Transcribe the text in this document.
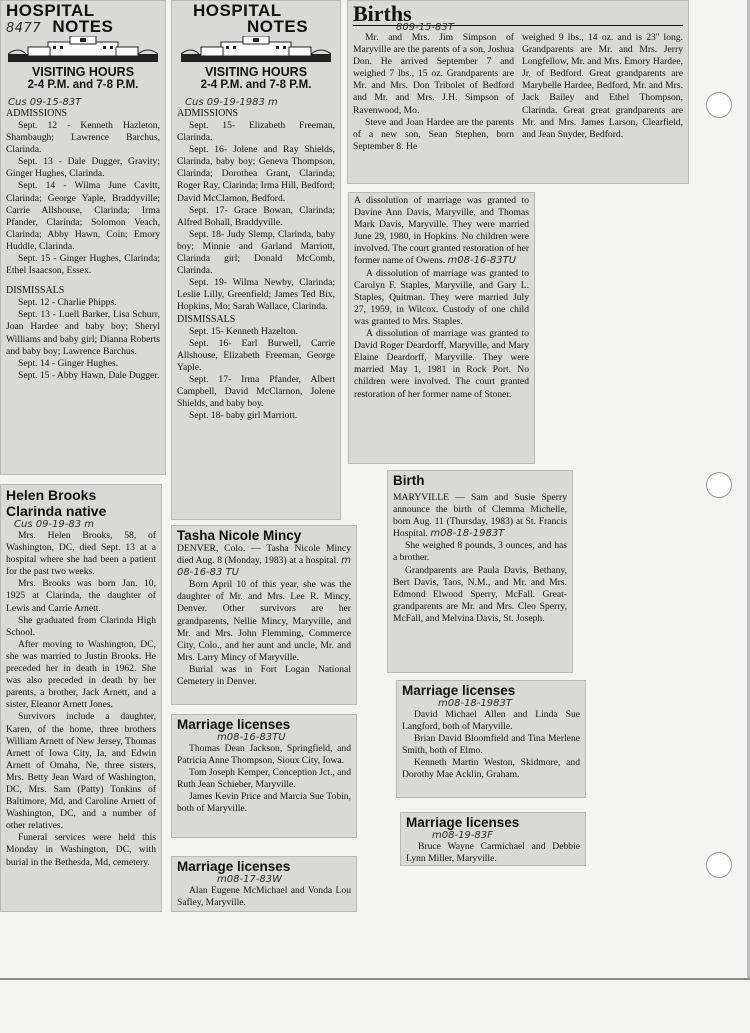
HOSPITAL
8477 NOTES
VISITING HOURS
2-4 P.M. and 7-8 P.M.
Cus 09-15-83T
ADMISSIONS

Sept. 12 - Kenneth Hazleton, Shambaugh; Lawrence Barchus, Clarinda.

Sept. 13 - Dale Dugger, Gravity; Ginger Hughes, Clarinda.

Sept. 14 - Wilma June Cavitt, Clarinda; George Yaple, Braddyville; Carrie Allshouse, Clarinda; Irma Pfander, Clarinda; Solomon Veach, Clarinda; Abby Hawn, Coin; Emory Huddle, Clarinda.

Sept. 15 - Ginger Hughes, Clarinda; Ethel Isaacson, Essex.

DISMISSALS

Sept. 12 - Charlie Phipps.

Sept. 13 - Luell Barker, Lisa Schurr, Joan Hardee and baby boy; Sheryl Williams and baby girl; Dianna Roberts and baby boy; Lawrence Barchus.

Sept. 14 - Ginger Hughes.

Sept. 15 - Abby Hawn, Dale Dugger.

HOSPITAL
NOTES
VISITING HOURS
2-4 P.M. and 7-8 P.M.
Cus 09-19-1983 m
ADMISSIONS

Sept. 15- Elizabeth Freeman, Clarinda.

Sept. 16- Jolene and Ray Shields, Clarinda, baby boy; Geneva Thompson, Clarinda; Dorothea Grant, Clarinda; Roger Ray, Clarinda; Irma Hill, Bedford; David McClarnon, Bedford.

Sept. 17- Grace Bowan, Clarinda; Alfred Bohall, Braddyville.

Sept. 18- Judy Slemp, Clarinda, baby boy; Minnie and Garland Marriott, Clarinda girl; Donald McComb, Clarinda.

Sept. 19- Wilma Newby, Clarinda; Leslie Lilly, Greenfield; James Ted Bix, Hopkins, Mo; Sarah Wallace, Clarinda.

DISMISSALS

Sept. 15- Kenneth Hazelton.

Sept. 16- Earl Burwell, Carrie Allshouse, Elizabeth Freeman, George Yaple.

Sept. 17- Irma Pfander, Albert Campbell, David McClarnon, Jolene Shields, and baby boy.

Sept. 18- baby girl Marriott.

Births
809-15-83T

Mr. and Mrs. Jim Simpson of Maryville are the parents of a son, Joshua Don. He arrived September 7 and weighed 7 lbs., 15 oz. Grandparents are Mr. and Mrs. Don Tribolet of Bedford and Mr. and Mrs. J.H. Simpson of Ravenwood, Mo.

Steve and Joan Hardee are the parents of a new son, Sean Stephen, born September 8. He

weighed 9 lbs., 14 oz. and is 23'' long. Grandparents are Mr. and Mrs. Jerry Longfellow, Mr. and Mrs. Emory Hardee, Jr. of Bedford. Great grandparents are Marybelle Hardee, Bedford, Mr. and Mrs. Jack Bailey and Ethel Thompson, Clarinda. Great great grandparents are Mr. and Mrs. James Larson, Clearfield, and Jean Snyder, Bedford.

A dissolution of marriage was granted to Davine Ann Davis, Maryville, and Thomas Mark Davis, Maryville. They were married June 29, 1980, in Hopkins. No children were involved. The court granted restoration of her former name of Owens. m08-16-83TU

A dissolution of marriage was granted to Carolyn F. Staples, Maryville, and Gary L. Staples, Quitman. They were married July 27, 1959, in Wilcox. Custody of one child was granted to Mrs. Staples.

A dissolution of marriage was granted to David Roger Deardorff, Maryville, and Mary Elaine Deardorff, Maryville. They were married May 1, 1981 in Rock Port. No children were involved. The court granted restoration of her former name of Stoner.

Birth

MARYVILLE — Sam and Susie Sperry announce the birth of Clemma Michelle, born Aug. 11 (Thursday, 1983) at St. Francis Hospital. m08-18-1983T

She weighed 8 pounds, 3 ounces, and has a brother.

Grandparents are Paula Davis, Bethany, Bert Davis, Taos, N.M., and Mr. and Mrs. Edmond Elwood Sperry, McFall. Great-grandparents are Mr. and Mrs. Cleo Sperry, McFall, and Melvina Davis, St. Joseph.

Helen Brooks
Clarinda native
Cus 09-19-83 m

Mrs. Helen Brooks, 58, of Washington, DC, died Sept. 13 at a hospital where she had been a patient for the past two weeks.

Mrs. Brooks was born Jan. 10, 1925 at Clarinda, the daughter of Lewis and Carrie Arnett.

She graduated from Clarinda High School.

After moving to Washington, DC, she was married to Justin Brooks. He preceded her in death in 1962. She was also preceded in death by her parents, a brother, Jack Arnett, and a sister, Eleanor Arnett Jones.

Survivors include a daughter, Karen, of the home, three brothers William Arnett of New Jersey, Thomas Arnett of Iowa City, Ia, and Edwin Arnett of Omaha, Ne, three sisters, Mrs. Betty Jean Ward of Washington, DC, Mrs. Sam (Patty) Tonkins of Baltimore, Md, and Caroline Arnett of Washington, DC, and a number of other relatives.

Funeral services were held this Monday in Washington, DC, with burial in the Bethesda, Md, cemetery.

Tasha Nicole Mincy

DENVER, Colo. — Tasha Nicole Mincy died Aug. 8 (Monday, 1983) at a hospital. m 08-16-83 TU

Born April 10 of this year, she was the daughter of Mr. and Mrs. Lee R. Mincy, Denver. Other survivors are her grandparents, Nellie Mincy, Maryville, and Mr. and Mrs. John Flemming, Commerce City, Colo., and her aunt and uncle, Mr. and Mrs. Larry Mincy of Maryville.

Burial was in Fort Logan National Cemetery in Denver.

Marriage licenses
m08-16-83TU

Thomas Dean Jackson, Springfield, and Patricia Anne Thompson, Sioux City, Iowa.

Tom Joseph Kemper, Conception Jct., and Ruth Jean Schieber, Maryville.

James Kevin Price and Marcia Sue Tobin, both of Maryville.

Marriage licenses
m08-17-83W

Alan Eugene McMichael and Vonda Lou Safley, Maryville.

Marriage licenses
m08-18-1983T

David Michael Allen and Linda Sue Langford, both of Maryville.

Brian David Bloomfield and Tina Merlene Smith, both of Elmo.

Kenneth Martin Weston, Skidmore, and Dorothy Mae Acklin, Graham.

Marriage licenses
m08-19-83F

Bruce Wayne Carmichael and Debbie Lynn Miller, Maryville.
